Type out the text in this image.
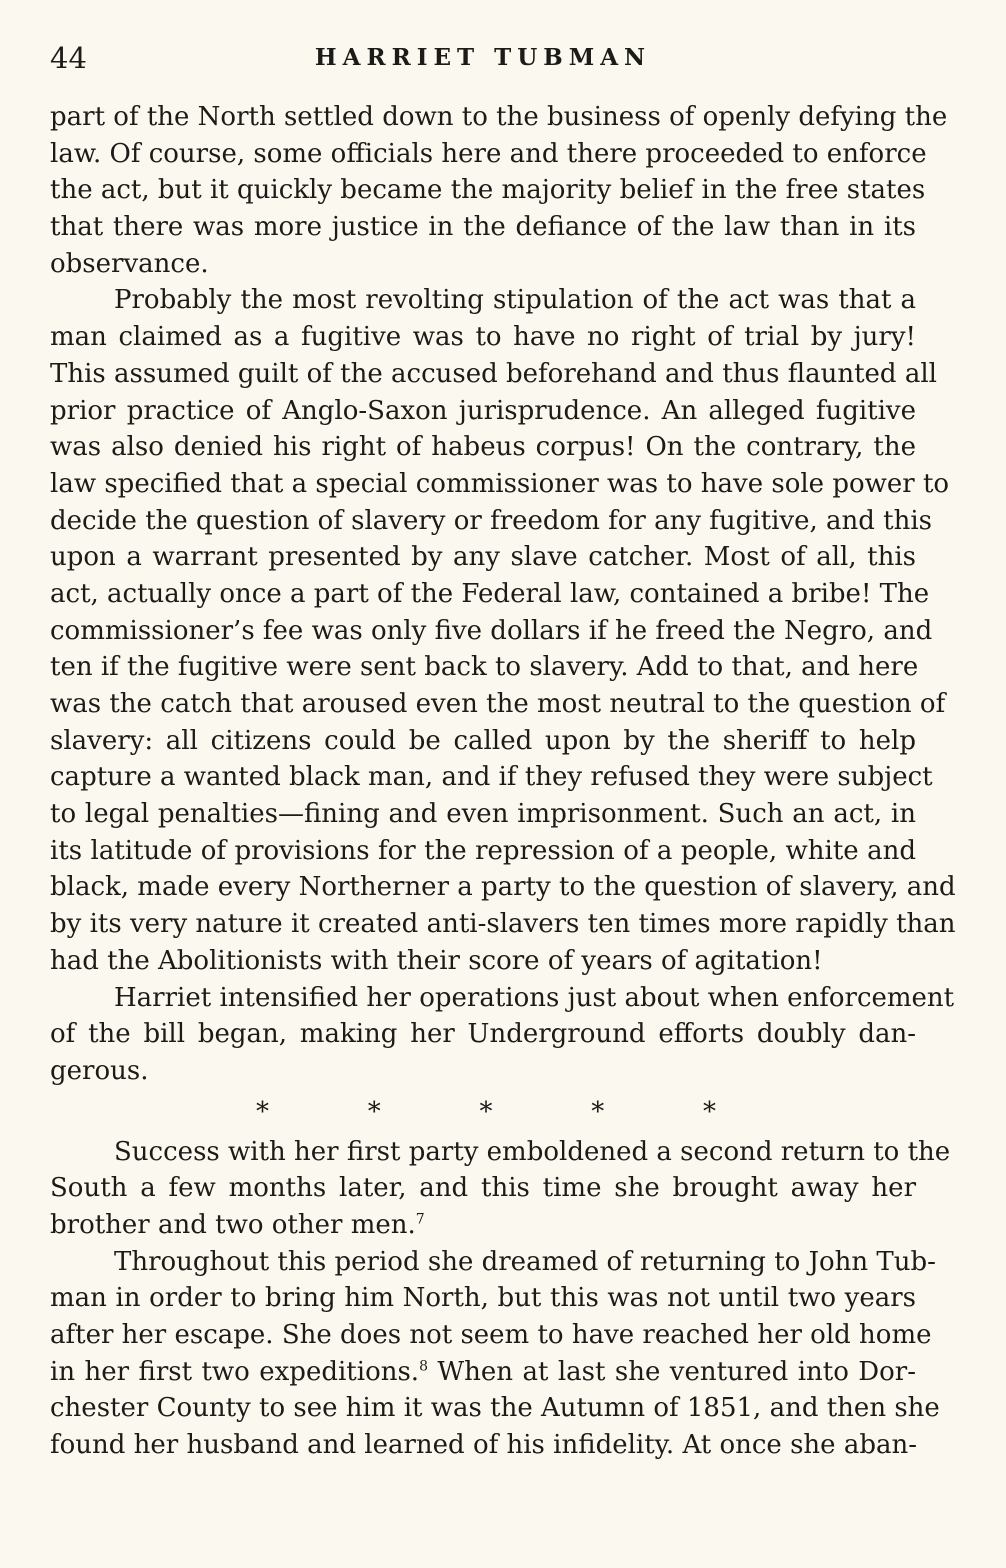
44	HARRIET TUBMAN
part of the North settled down to the business of openly defying the
law. Of course, some officials here and there proceeded to enforce
the act, but it quickly became the majority belief in the free states
that there was more justice in the defiance of the law than in its
observance.
Probably the most revolting stipulation of the act was that a
man claimed as a fugitive was to have no right of trial by jury!
This assumed guilt of the accused beforehand and thus flaunted all
prior practice of Anglo-Saxon jurisprudence. An alleged fugitive
was also denied his right of habeus corpus! On the contrary, the
law specified that a special commissioner was to have sole power to
decide the question of slavery or freedom for any fugitive, and this
upon a warrant presented by any slave catcher. Most of all, this
act, actually once a part of the Federal law, contained a bribe! The
commissioner’s fee was only five dollars if he freed the Negro, and
ten if the fugitive were sent back to slavery. Add to that, and here
was the catch that aroused even the most neutral to the question of
slavery: all citizens could be called upon by the sheriff to help
capture a wanted black man, and if they refused they were subject
to legal penalties—fining and even imprisonment. Such an act, in
its latitude of provisions for the repression of a people, white and
black, made every Northerner a party to the question of slavery, and
by its very nature it created anti-slavers ten times more rapidly than
had the Abolitionists with their score of years of agitation!
Harriet intensified her operations just about when enforcement
of the bill began, making her Underground efforts doubly dan-
gerous.
*	*	*	*	*
Success with her first party emboldened a second return to the
South a few months later, and this time she brought away her
brother and two other men.$^7$
Throughout this period she dreamed of returning to John Tub-
man in order to bring him North, but this was not until two years
after her escape. She does not seem to have reached her old home
in her first two expeditions.$^8$ When at last she ventured into Dor-
chester County to see him it was the Autumn of 1851, and then she
found her husband and learned of his infidelity. At once she aban-
